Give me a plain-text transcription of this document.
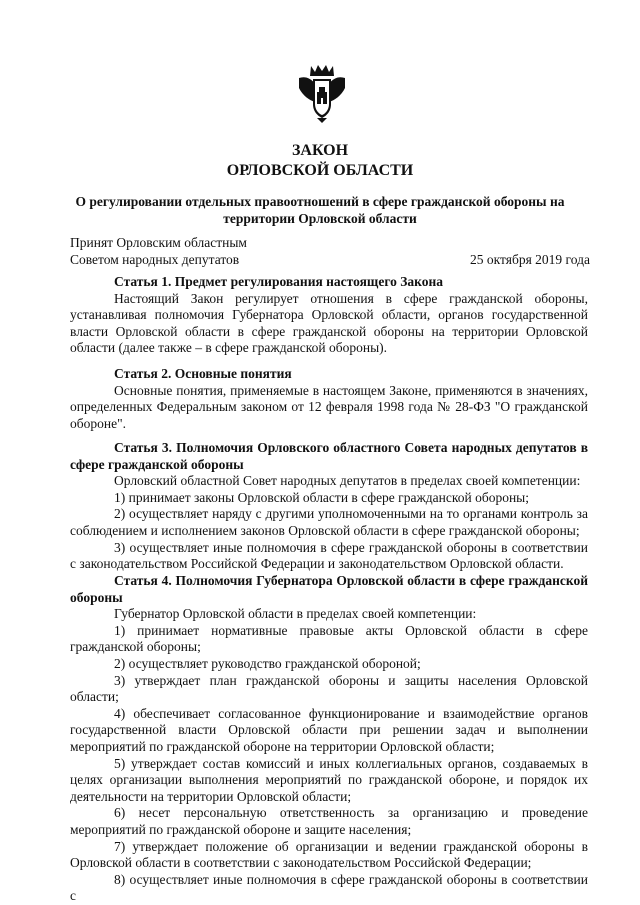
ЗАКОН
ОРЛОВСКОЙ ОБЛАСТИ
О регулировании отдельных правоотношений в сфере гражданской обороны на территории Орловской области
Принят Орловским областным
Советом народных депутатов	25 октября 2019 года
Статья 1. Предмет регулирования настоящего Закона

Настоящий Закон регулирует отношения в сфере гражданской обороны, устанавливая полномочия Губернатора Орловской области, органов государственной власти Орловской области в сфере гражданской обороны на территории Орловской области (далее также – в сфере гражданской обороны).

Статья 2. Основные понятия

Основные понятия, применяемые в настоящем Законе, применяются в значениях, определенных Федеральным законом от 12 февраля 1998 года № 28-ФЗ "О гражданской обороне".

Статья 3. Полномочия Орловского областного Совета народных депутатов в сфере гражданской обороны

Орловский областной Совет народных депутатов в пределах своей компетенции:

1) принимает законы Орловской области в сфере гражданской обороны;

2) осуществляет наряду с другими уполномоченными на то органами контроль за соблюдением и исполнением законов Орловской области в сфере гражданской обороны;

3) осуществляет иные полномочия в сфере гражданской обороны в соответствии с законодательством Российской Федерации и законодательством Орловской области.

Статья 4. Полномочия Губернатора Орловской области в сфере гражданской обороны

Губернатор Орловской области в пределах своей компетенции:

1) принимает нормативные правовые акты Орловской области в сфере гражданской обороны;

2) осуществляет руководство гражданской обороной;

3) утверждает план гражданской обороны и защиты населения Орловской области;

4) обеспечивает согласованное функционирование и взаимодействие органов государственной власти Орловской области при решении задач и выполнении мероприятий по гражданской обороне на территории Орловской области;

5) утверждает состав комиссий и иных коллегиальных органов, создаваемых в целях организации выполнения мероприятий по гражданской обороне, и порядок их деятельности на территории Орловской области;

6) несет персональную ответственность за организацию и проведение мероприятий по гражданской обороне и защите населения;

7) утверждает положение об организации и ведении гражданской обороны в Орловской области в соответствии с законодательством Российской Федерации;

8) осуществляет иные полномочия в сфере гражданской обороны в соответствии с
